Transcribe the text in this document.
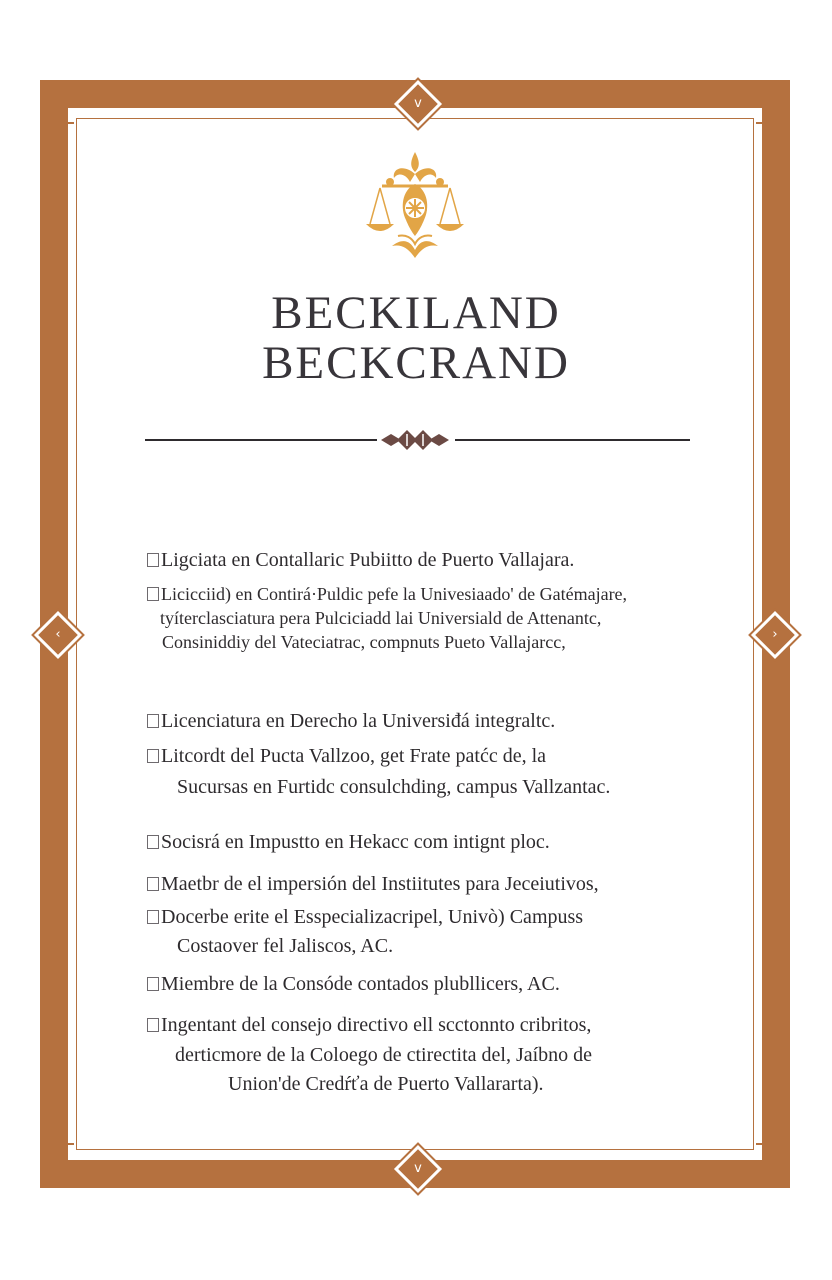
v
v
‹	›
BECKILAND
BECKCRAND
Ligciata en Contallaric Pubiitto de Puerto Vallajara.
Licicciid) en Contirá·Puldic pefe la Univesiaado' de Gatémajare,
tyíterclasciatura pera Pulciciadd lai Universiald de Attenantc,
Consiniddiy del Vateciatrac, compnuts Pueto Vallajarcc,
Licenciatura en Derecho la Universiđá integraltc.
Litcordt del Pucta Vallzoo, get Frate patćc de, la
Sucursas en Furtidc consulchding, campus Vallzantac.
Socisrá en Impustto en Hekacc com intignt ploc.
Maetbr de el impersión del Instiitutes para Jeceiutivos,
Docerbe erite el Esspecializacripel, Univò) Campuss
Costaover fel Jaliscos, AC.
Miembre de la Consóde contados plubllicers, AC.
Ingentant del consejo directivo ell scctonnto cribritos,
derticmore de la Coloego de ctirectita del, Jaíbno de
Union'de Credŕťa de Puerto Vallararta).
